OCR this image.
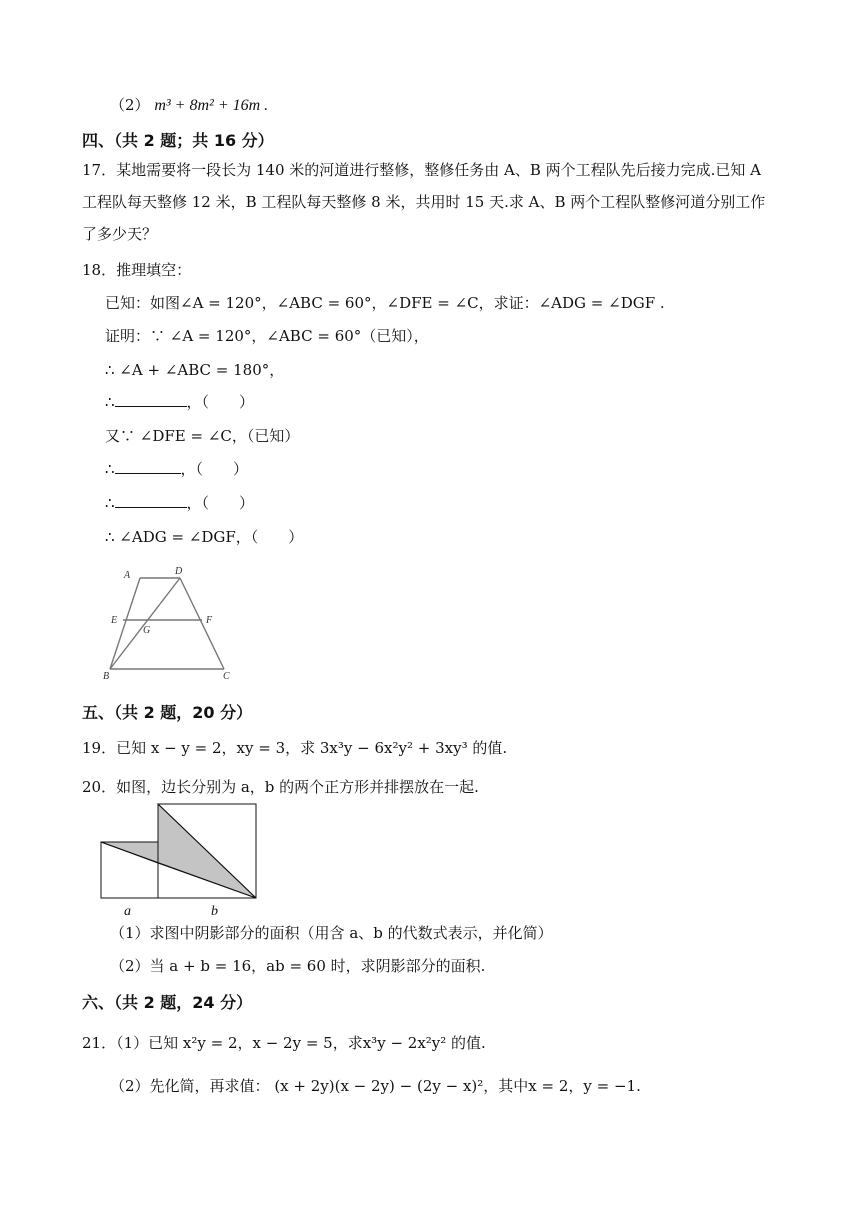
（2） m³ + 8m² + 16m .
四、（共 2 题；共 16 分）
17．某地需要将一段长为 140 米的河道进行整修，整修任务由 A、B 两个工程队先后接力完成.已知 A
工程队每天整修 12 米，B 工程队每天整修 8 米，共用时 15 天.求 A、B 两个工程队整修河道分别工作
了多少天？
18．推理填空：
已知：如图∠A = 120°，∠ABC = 60°，∠DFE = ∠C，求证：∠ADG = ∠DGF .
证明：∵ ∠A = 120°，∠ABC = 60°（已知），
∴ ∠A + ∠ABC = 180°，
∴	，（　　）
又∵ ∠DFE = ∠C，（已知）
∴	，（　　）
∴	，（　　）
∴ ∠ADG = ∠DGF，（　　）
A	D
E	F
G
B	C
五、（共 2 题，20 分）
19．已知 x − y = 2，xy = 3，求 3x³y − 6x²y² + 3xy³ 的值.
20．如图，边长分别为 a，b 的两个正方形并排摆放在一起.
a	b
（1）求图中阴影部分的面积（用含 a、b 的代数式表示，并化简）
（2）当 a + b = 16，ab = 60 时，求阴影部分的面积.
六、（共 2 题，24 分）
21．（1）已知 x²y = 2，x − 2y = 5，求x³y − 2x²y² 的值.
（2）先化简，再求值： (x + 2y)(x − 2y) − (2y − x)²，其中x = 2，y = −1.
